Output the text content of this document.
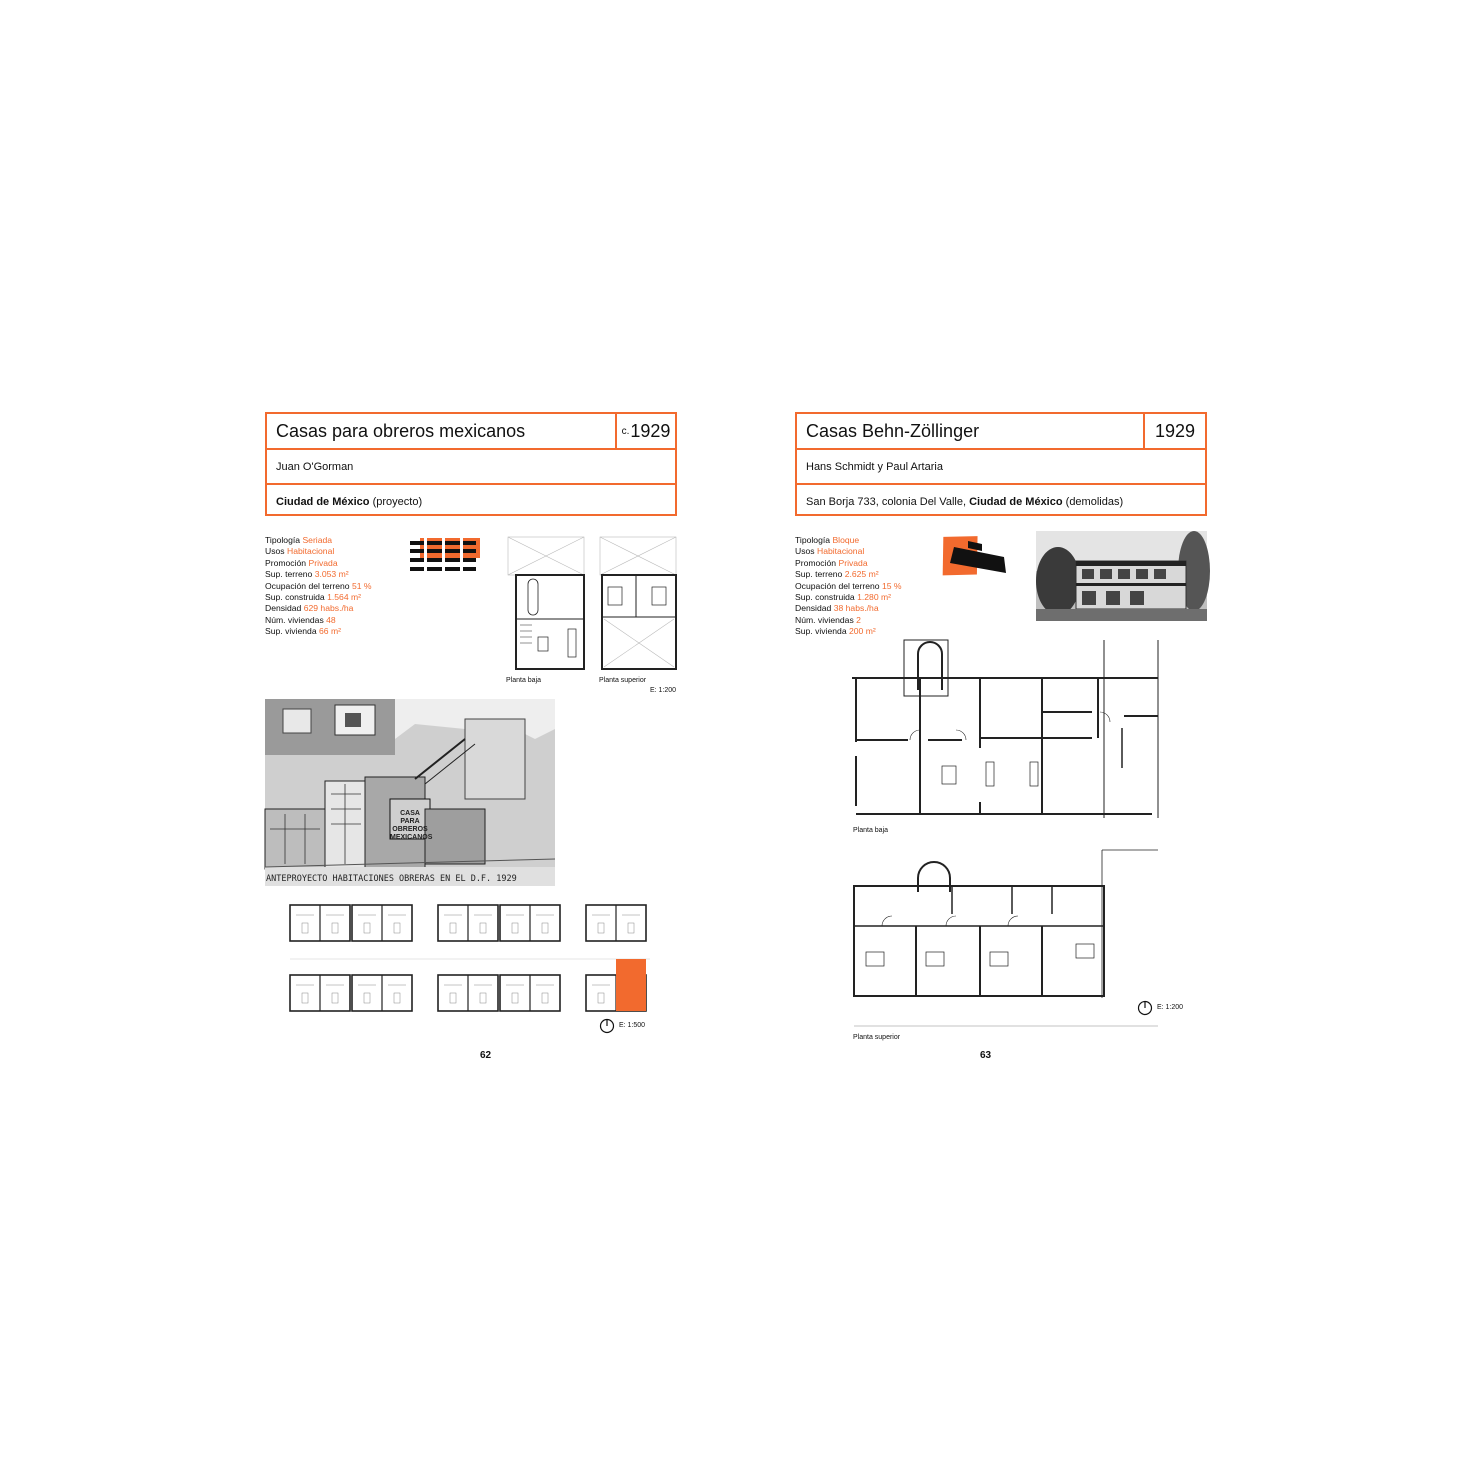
Casas para obreros mexicanos	c. 1929
Juan O'Gorman
Ciudad de México (proyecto)
Tipología Seriada
Usos Habitacional
Promoción Privada
Sup. terreno 3.053 m²
Ocupación del terreno 51 %
Sup. construida 1.564 m²
Densidad 629 habs./ha
Núm. viviendas 48
Sup. vivienda 66 m²
Planta baja	Planta superior
E: 1:200
CASA PARA OBREROS MEXICANOS
ANTEPROYECTO HABITACIONES OBRERAS EN EL D.F. 1929
E: 1:500
62
Casas Behn-Zöllinger	1929
Hans Schmidt y Paul Artaria
San Borja 733, colonia Del Valle, Ciudad de México (demolidas)
Tipología Bloque
Usos Habitacional
Promoción Privada
Sup. terreno 2.625 m²
Ocupación del terreno 15 %
Sup. construida 1.280 m²
Densidad 38 habs./ha
Núm. viviendas 2
Sup. vivienda 200 m²
Planta baja
Planta superior
E: 1:200
63
